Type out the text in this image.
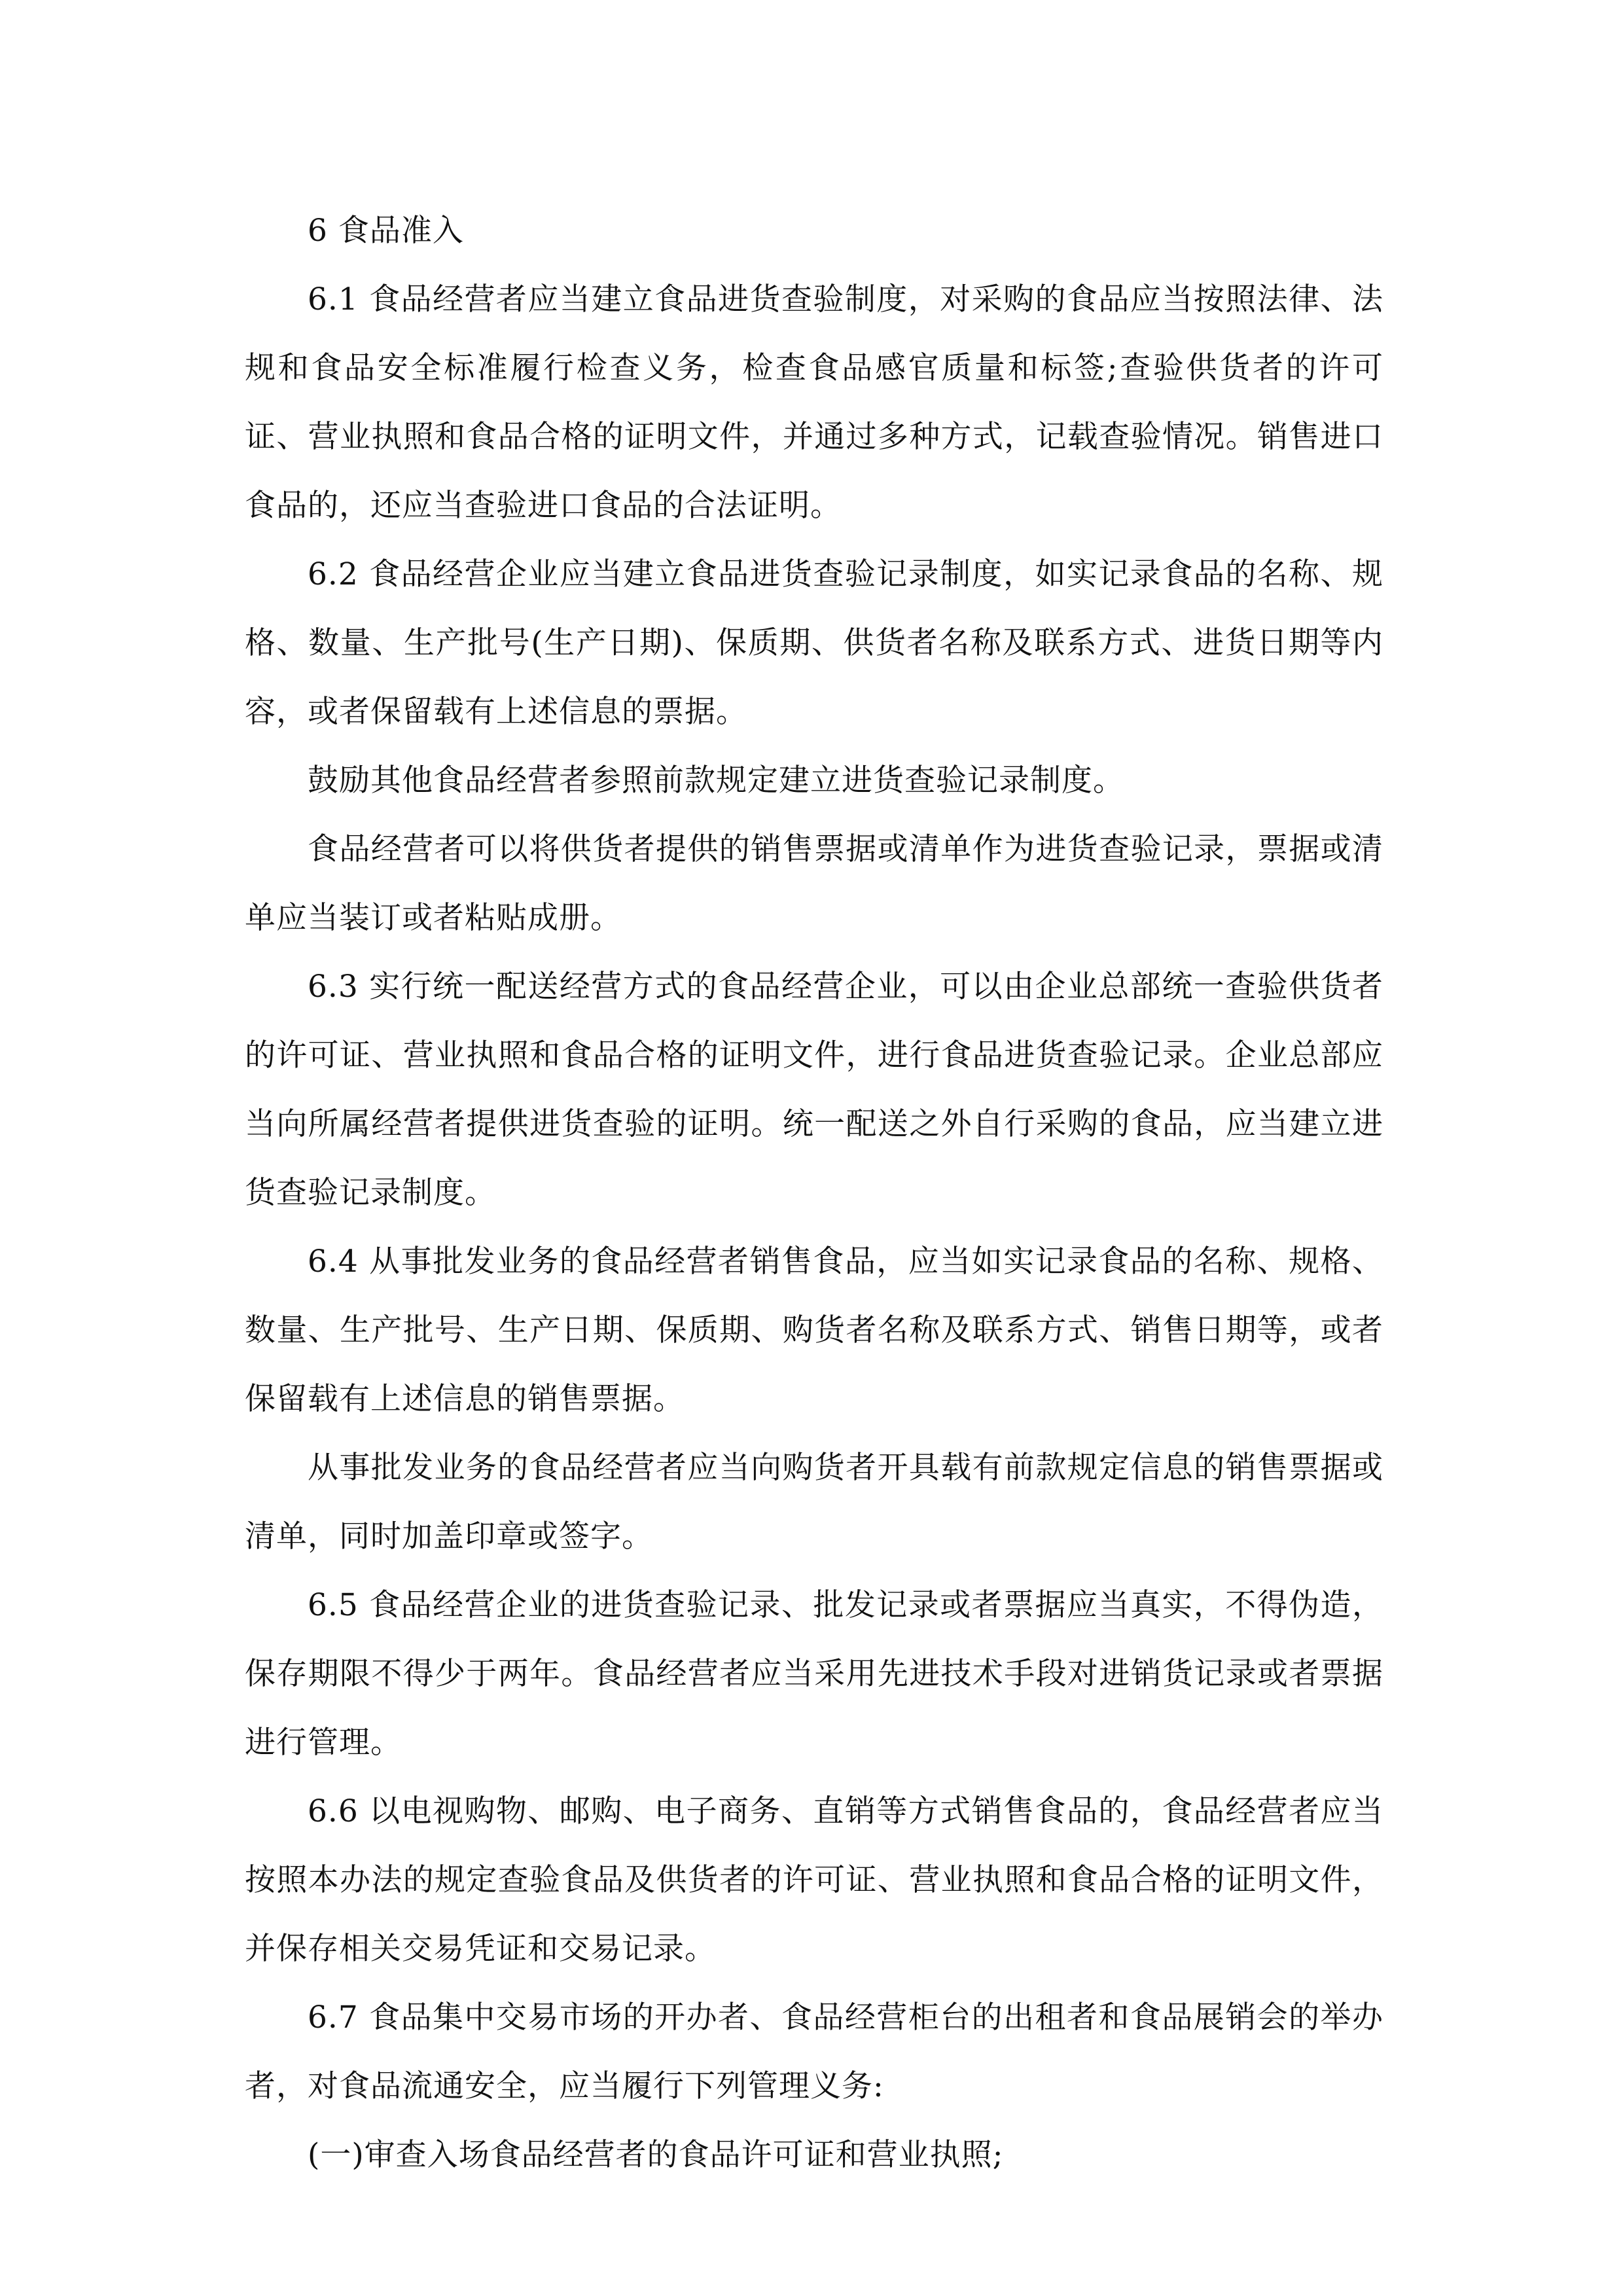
6 食品准入

6.1 食品经营者应当建立食品进货查验制度，对采购的食品应当按照法律、法规和食品安全标准履行检查义务，检查食品感官质量和标签;查验供货者的许可证、营业执照和食品合格的证明文件，并通过多种方式，记载查验情况。销售进口食品的，还应当查验进口食品的合法证明。

6.2 食品经营企业应当建立食品进货查验记录制度，如实记录食品的名称、规格、数量、生产批号(生产日期)、保质期、供货者名称及联系方式、进货日期等内容，或者保留载有上述信息的票据。

鼓励其他食品经营者参照前款规定建立进货查验记录制度。

食品经营者可以将供货者提供的销售票据或清单作为进货查验记录，票据或清单应当装订或者粘贴成册。

6.3 实行统一配送经营方式的食品经营企业，可以由企业总部统一查验供货者的许可证、营业执照和食品合格的证明文件，进行食品进货查验记录。企业总部应当向所属经营者提供进货查验的证明。统一配送之外自行采购的食品，应当建立进货查验记录制度。

6.4 从事批发业务的食品经营者销售食品，应当如实记录食品的名称、规格、数量、生产批号、生产日期、保质期、购货者名称及联系方式、销售日期等，或者保留载有上述信息的销售票据。

从事批发业务的食品经营者应当向购货者开具载有前款规定信息的销售票据或清单，同时加盖印章或签字。

6.5 食品经营企业的进货查验记录、批发记录或者票据应当真实，不得伪造，保存期限不得少于两年。食品经营者应当采用先进技术手段对进销货记录或者票据进行管理。

6.6 以电视购物、邮购、电子商务、直销等方式销售食品的，食品经营者应当按照本办法的规定查验食品及供货者的许可证、营业执照和食品合格的证明文件，并保存相关交易凭证和交易记录。

6.7 食品集中交易市场的开办者、食品经营柜台的出租者和食品展销会的举办者，对食品流通安全，应当履行下列管理义务:

(一)审查入场食品经营者的食品许可证和营业执照;
